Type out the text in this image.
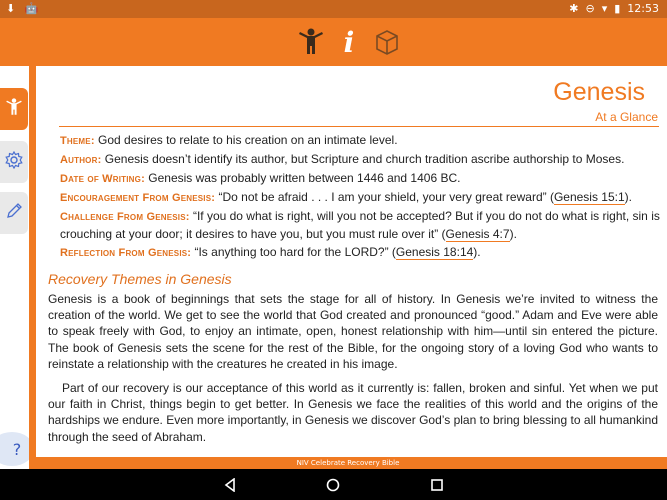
⬇ 🤖	✱ ⊖ ▾ ▮ 12:53
i
?
Genesis
At a Glance
Theme: God desires to relate to his creation on an intimate level.
Author: Genesis doesn’t identify its author, but Scripture and church tradition ascribe authorship to Moses.
Date of Writing: Genesis was probably written between 1446 and 1406 BC.
Encouragement From Genesis: “Do not be afraid . . . I am your shield, your very great reward” (Genesis 15:1).
Challenge From Genesis: “If you do what is right, will you not be accepted? But if you do not do what is right, sin is crouching at your door; it desires to have you, but you must rule over it” (Genesis 4:7).
Reflection From Genesis: “Is anything too hard for the LORD?” (Genesis 18:14).
Recovery Themes in Genesis

Genesis is a book of beginnings that sets the stage for all of history. In Genesis we’re invited to witness the creation of the world. We get to see the world that God created and pronounced “good.” Adam and Eve were able to speak freely with God, to enjoy an intimate, open, honest relationship with him—until sin entered the picture. The book of Genesis sets the scene for the rest of the Bible, for the ongoing story of a loving God who wants to reinstate a relationship with the creatures he created in his image.

Part of our recovery is our acceptance of this world as it currently is: fallen, broken and sinful. Yet when we put our faith in Christ, things begin to get better. In Genesis we face the realities of this world and the origins of the hardships we endure. Even more importantly, in Genesis we discover God’s plan to bring blessing to all humankind through the seed of Abraham.

NIV Celebrate Recovery Bible
